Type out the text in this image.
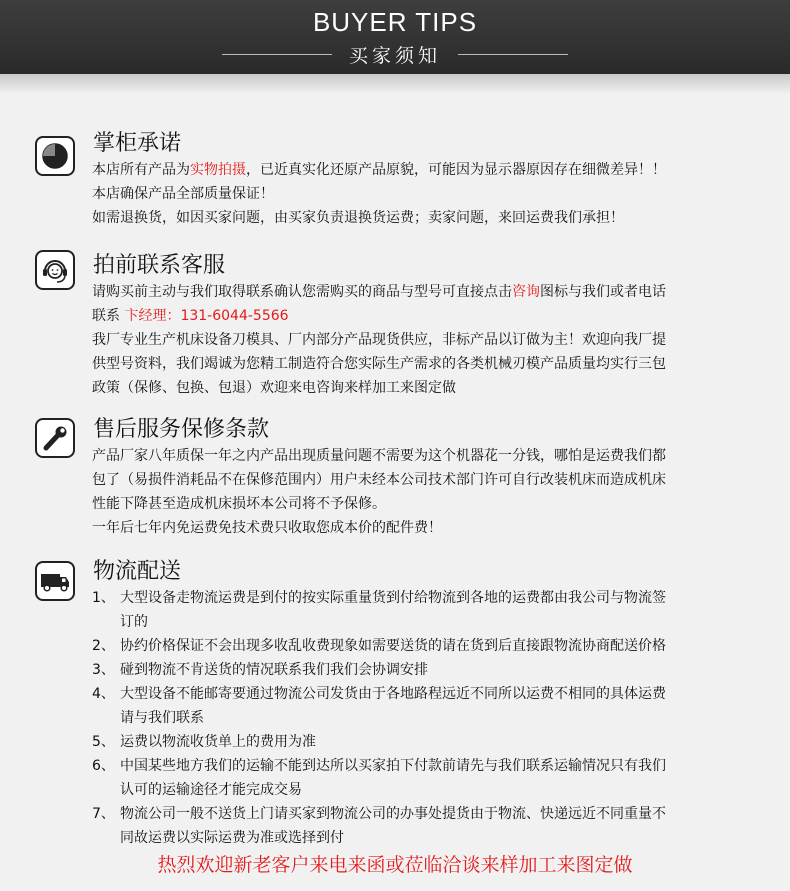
BUYER TIPS
买家须知
掌柜承诺
本店所有产品为实物拍摄，已近真实化还原产品原貌，可能因为显示器原因存在细微差异！！
本店确保产品全部质量保证！
如需退换货，如因买家问题，由买家负责退换货运费；卖家问题，来回运费我们承担！
拍前联系客服
请购买前主动与我们取得联系确认您需购买的商品与型号可直接点击咨询图标与我们或者电话
联系 卞经理：131-6044-5566
我厂专业生产机床设备刀模具、厂内部分产品现货供应，非标产品以订做为主！欢迎向我厂提
供型号资料，我们竭诚为您精工制造符合您实际生产需求的各类机械刃模产品质量均实行三包
政策（保修、包换、包退）欢迎来电咨询来样加工来图定做
售后服务保修条款
产品厂家八年质保一年之内产品出现质量问题不需要为这个机器花一分钱，哪怕是运费我们都
包了（易损件消耗品不在保修范围内）用户未经本公司技术部门许可自行改装机床而造成机床
性能下降甚至造成机床损坏本公司将不予保修。
一年后七年内免运费免技术费只收取您成本价的配件费！
物流配送
1、 大型设备走物流运费是到付的按实际重量货到付给物流到各地的运费都由我公司与物流签
订的
2、 协约价格保证不会出现多收乱收费现象如需要送货的请在货到后直接跟物流协商配送价格
3、 碰到物流不肯送货的情况联系我们我们会协调安排
4、 大型设备不能邮寄要通过物流公司发货由于各地路程远近不同所以运费不相同的具体运费
请与我们联系
5、 运费以物流收货单上的费用为准
6、 中国某些地方我们的运输不能到达所以买家拍下付款前请先与我们联系运输情况只有我们
认可的运输途径才能完成交易
7、 物流公司一般不送货上门请买家到物流公司的办事处提货由于物流、快递远近不同重量不
同故运费以实际运费为准或选择到付
热烈欢迎新老客户来电来函或莅临洽谈来样加工来图定做
